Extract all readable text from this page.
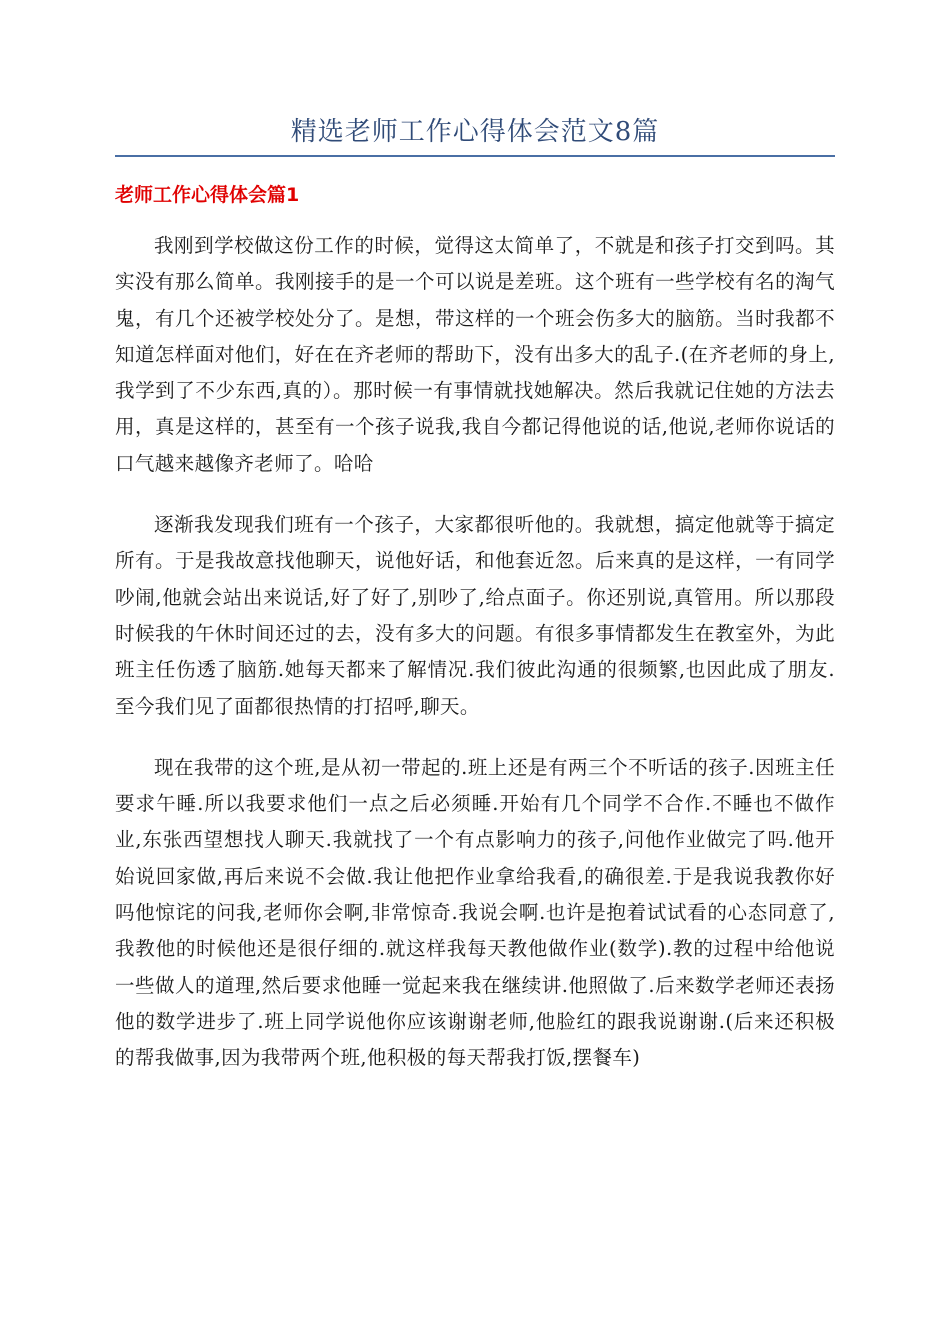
精选老师工作心得体会范文8篇
老师工作心得体会篇1

我刚到学校做这份工作的时候，觉得这太简单了，不就是和孩子打交到吗。其实没有那么简单。我刚接手的是一个可以说是差班。这个班有一些学校有名的淘气鬼，有几个还被学校处分了。是想，带这样的一个班会伤多大的脑筋。当时我都不知道怎样面对他们，好在在齐老师的帮助下，没有出多大的乱子.(在齐老师的身上,我学到了不少东西,真的）。那时候一有事情就找她解决。然后我就记住她的方法去用，真是这样的，甚至有一个孩子说我,我自今都记得他说的话,他说,老师你说话的口气越来越像齐老师了。哈哈

逐渐我发现我们班有一个孩子，大家都很听他的。我就想，搞定他就等于搞定所有。于是我故意找他聊天，说他好话，和他套近忽。后来真的是这样，一有同学吵闹,他就会站出来说话,好了好了,别吵了,给点面子。你还别说,真管用。所以那段时候我的午休时间还过的去，没有多大的问题。有很多事情都发生在教室外，为此班主任伤透了脑筋.她每天都来了解情况.我们彼此沟通的很频繁,也因此成了朋友.至今我们见了面都很热情的打招呼,聊天。

现在我带的这个班,是从初一带起的.班上还是有两三个不听话的孩子.因班主任要求午睡.所以我要求他们一点之后必须睡.开始有几个同学不合作.不睡也不做作业,东张西望想找人聊天.我就找了一个有点影响力的孩子,问他作业做完了吗.他开始说回家做,再后来说不会做.我让他把作业拿给我看,的确很差.于是我说我教你好吗他惊诧的问我,老师你会啊,非常惊奇.我说会啊.也许是抱着试试看的心态同意了,我教他的时候他还是很仔细的.就这样我每天教他做作业(数学).教的过程中给他说一些做人的道理,然后要求他睡一觉起来我在继续讲.他照做了.后来数学老师还表扬他的数学进步了.班上同学说他你应该谢谢老师,他脸红的跟我说谢谢.(后来还积极的帮我做事,因为我带两个班,他积极的每天帮我打饭,摆餐车)
